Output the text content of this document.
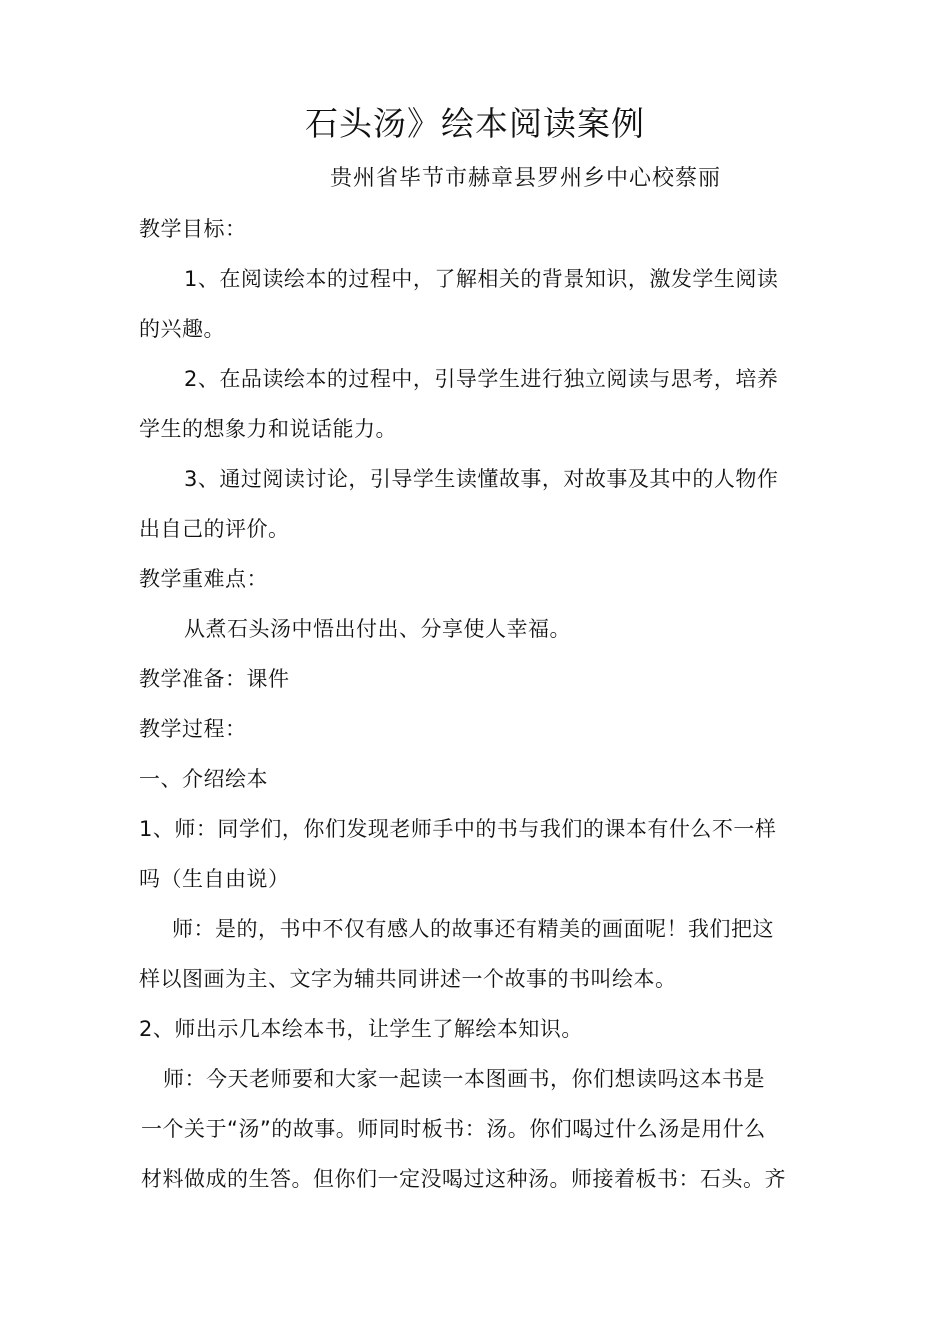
石头汤》绘本阅读案例
贵州省毕节市赫章县罗州乡中心校蔡丽
教学目标：
1、在阅读绘本的过程中，了解相关的背景知识，激发学生阅读
的兴趣。
2、在品读绘本的过程中，引导学生进行独立阅读与思考，培养
学生的想象力和说话能力。
3、通过阅读讨论，引导学生读懂故事，对故事及其中的人物作
出自己的评价。
教学重难点：
从煮石头汤中悟出付出、分享使人幸福。
教学准备：课件
教学过程：
一、介绍绘本
1、师：同学们，你们发现老师手中的书与我们的课本有什么不一样
吗（生自由说）
师：是的，书中不仅有感人的故事还有精美的画面呢！我们把这
样以图画为主、文字为辅共同讲述一个故事的书叫绘本。
2、师出示几本绘本书，让学生了解绘本知识。
师：今天老师要和大家一起读一本图画书，你们想读吗这本书是
一个关于“汤”的故事。师同时板书：汤。你们喝过什么汤是用什么
材料做成的生答。但你们一定没喝过这种汤。师接着板书：石头。齐
